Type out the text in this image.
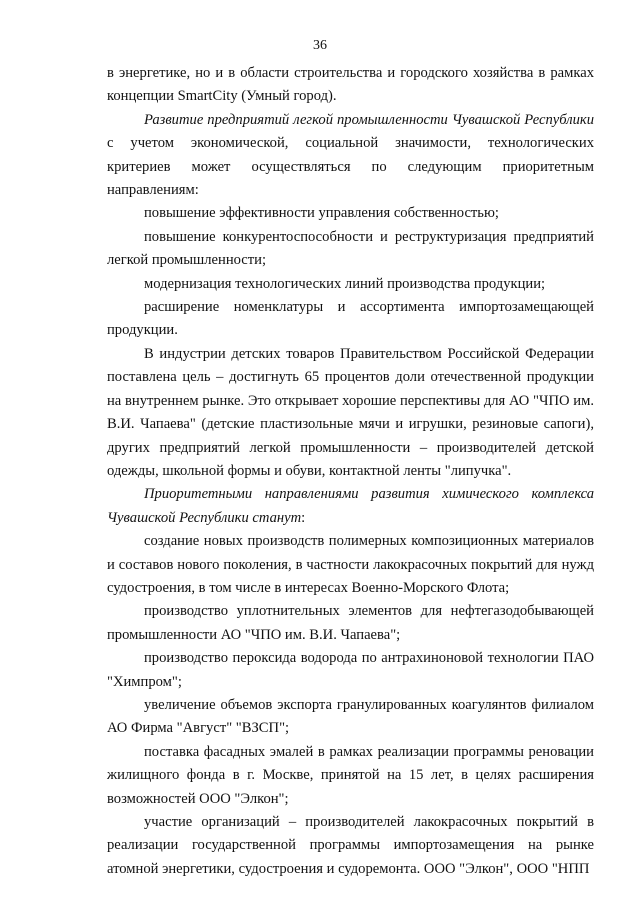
36

в энергетике, но и в области строительства и городского хозяйства в рамках концепции SmartCity (Умный город).

Развитие предприятий легкой промышленности Чувашской Республики с учетом экономической, социальной значимости, технологических критериев может осуществляться по следующим приоритетным направлениям:

повышение эффективности управления собственностью;

повышение конкурентоспособности и реструктуризация предприятий легкой промышленности;

модернизация технологических линий производства продукции;

расширение номенклатуры и ассортимента импортозамещающей продукции.

В индустрии детских товаров Правительством Российской Федерации поставлена цель – достигнуть 65 процентов доли отечественной продукции на внутреннем рынке. Это открывает хорошие перспективы для АО "ЧПО им. В.И. Чапаева" (детские пластизольные мячи и игрушки, резиновые сапоги), других предприятий легкой промышленности – производителей детской одежды, школьной формы и обуви, контактной ленты "липучка".

Приоритетными направлениями развития химического комплекса Чувашской Республики станут:

создание новых производств полимерных композиционных материалов и составов нового поколения, в частности лакокрасочных покрытий для нужд судостроения, в том числе в интересах Военно-Морского Флота;

производство уплотнительных элементов для нефтегазодобывающей промышленности АО "ЧПО им. В.И. Чапаева";

производство пероксида водорода по антрахиноновой технологии ПАО "Химпром";

увеличение объемов экспорта гранулированных коагулянтов филиалом АО Фирма "Август" "ВЗСП";

поставка фасадных эмалей в рамках реализации программы реновации жилищного фонда в г. Москве, принятой на 15 лет, в целях расширения возможностей ООО "Элкон";

участие организаций – производителей лакокрасочных покрытий в реализации государственной программы импортозамещения на рынке атомной энергетики, судостроения и судоремонта. ООО "Элкон", ООО "НПП
